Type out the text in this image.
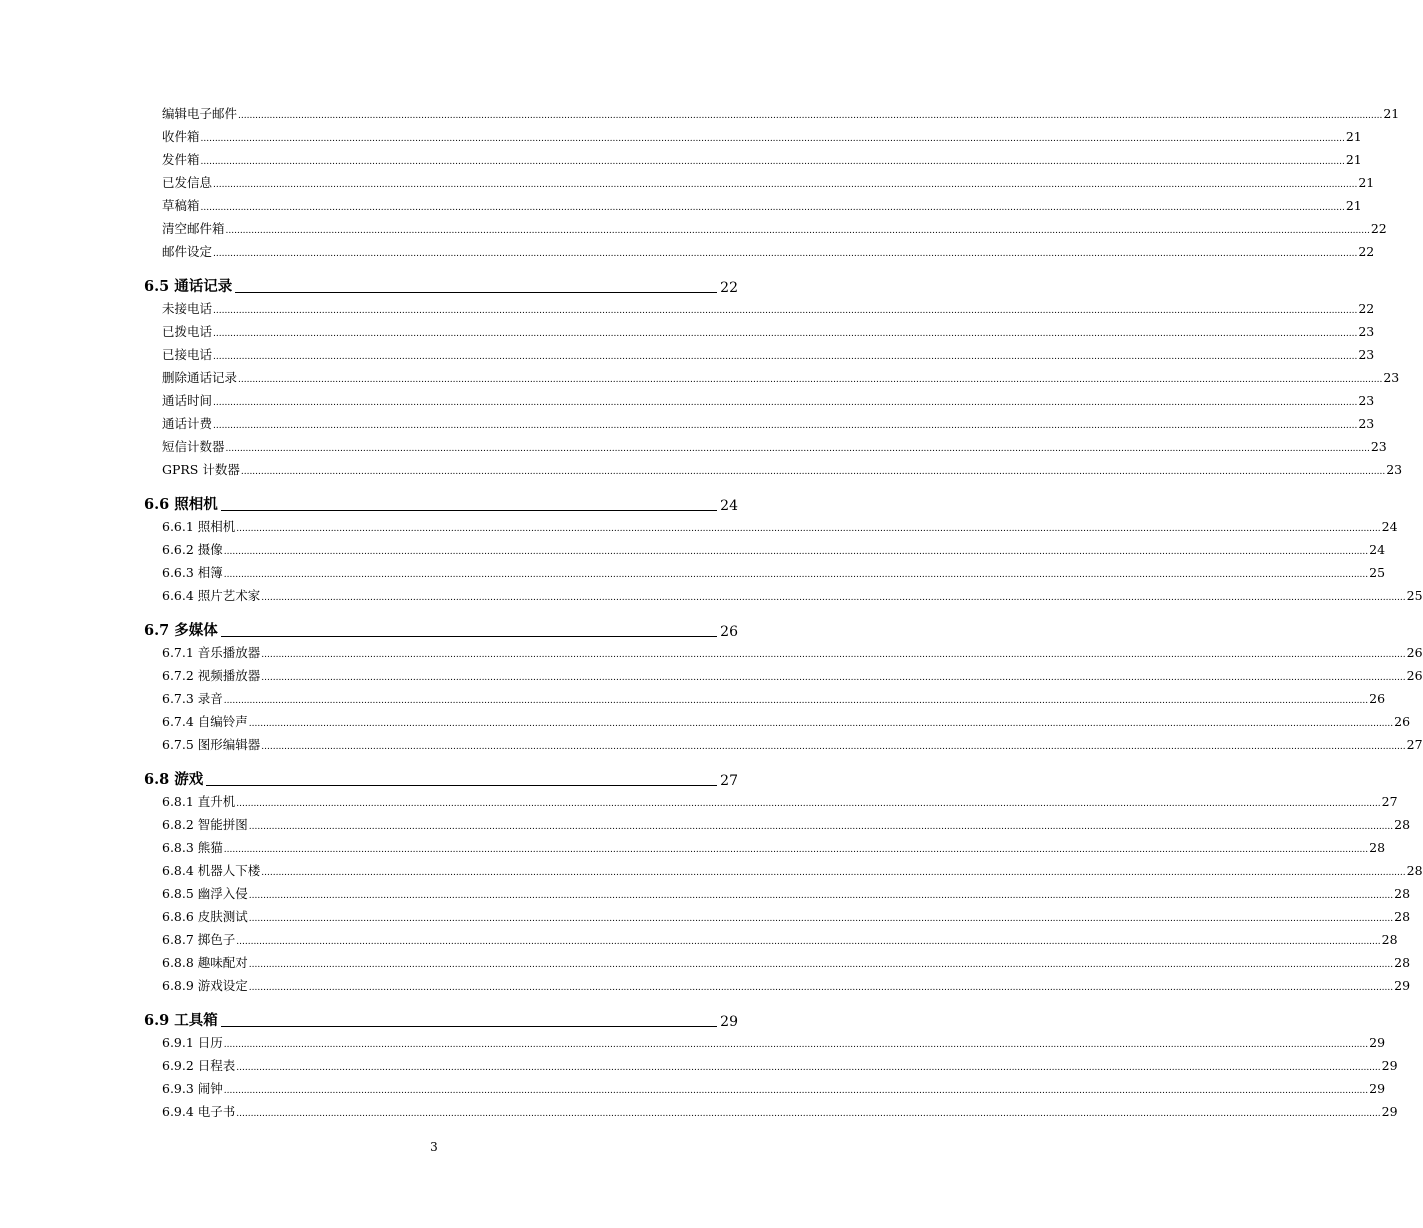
编辑电子邮件 ................................................................................................................................................................................................................................................................................................................................................................................................................ 21
收件箱 ................................................................................................................................................................................................................................................................................................................................................................................................................ 21
发件箱 ................................................................................................................................................................................................................................................................................................................................................................................................................ 21
已发信息 ................................................................................................................................................................................................................................................................................................................................................................................................................ 21
草稿箱 ................................................................................................................................................................................................................................................................................................................................................................................................................ 21
清空邮件箱 ................................................................................................................................................................................................................................................................................................................................................................................................................ 22
邮件设定 ................................................................................................................................................................................................................................................................................................................................................................................................................ 22
6.5 通话记录	22
未接电话 ................................................................................................................................................................................................................................................................................................................................................................................................................ 22
已拨电话 ................................................................................................................................................................................................................................................................................................................................................................................................................ 23
已接电话 ................................................................................................................................................................................................................................................................................................................................................................................................................ 23
删除通话记录 ................................................................................................................................................................................................................................................................................................................................................................................................................ 23
通话时间 ................................................................................................................................................................................................................................................................................................................................................................................................................ 23
通话计费 ................................................................................................................................................................................................................................................................................................................................................................................................................ 23
短信计数器 ................................................................................................................................................................................................................................................................................................................................................................................................................ 23
GPRS 计数器 ................................................................................................................................................................................................................................................................................................................................................................................................................ 23
6.6 照相机	24
6.6.1 照相机 ................................................................................................................................................................................................................................................................................................................................................................................................................ 24
6.6.2 摄像 ................................................................................................................................................................................................................................................................................................................................................................................................................ 24
6.6.3 相簿 ................................................................................................................................................................................................................................................................................................................................................................................................................ 25
6.6.4 照片艺术家 ................................................................................................................................................................................................................................................................................................................................................................................................................ 25
6.7 多媒体	26
6.7.1 音乐播放器 ................................................................................................................................................................................................................................................................................................................................................................................................................ 26
6.7.2 视频播放器 ................................................................................................................................................................................................................................................................................................................................................................................................................ 26
6.7.3 录音 ................................................................................................................................................................................................................................................................................................................................................................................................................ 26
6.7.4 自编铃声 ................................................................................................................................................................................................................................................................................................................................................................................................................ 26
6.7.5 图形编辑器 ................................................................................................................................................................................................................................................................................................................................................................................................................ 27
6.8 游戏	27
6.8.1 直升机 ................................................................................................................................................................................................................................................................................................................................................................................................................ 27
6.8.2 智能拼图 ................................................................................................................................................................................................................................................................................................................................................................................................................ 28
6.8.3 熊猫 ................................................................................................................................................................................................................................................................................................................................................................................................................ 28
6.8.4 机器人下楼 ................................................................................................................................................................................................................................................................................................................................................................................................................ 28
6.8.5 幽浮入侵 ................................................................................................................................................................................................................................................................................................................................................................................................................ 28
6.8.6 皮肤测试 ................................................................................................................................................................................................................................................................................................................................................................................................................ 28
6.8.7 掷色子 ................................................................................................................................................................................................................................................................................................................................................................................................................ 28
6.8.8 趣味配对 ................................................................................................................................................................................................................................................................................................................................................................................................................ 28
6.8.9 游戏设定 ................................................................................................................................................................................................................................................................................................................................................................................................................ 29
6.9 工具箱	29
6.9.1 日历 ................................................................................................................................................................................................................................................................................................................................................................................................................ 29
6.9.2 日程表 ................................................................................................................................................................................................................................................................................................................................................................................................................ 29
6.9.3 闹钟 ................................................................................................................................................................................................................................................................................................................................................................................................................ 29
6.9.4 电子书 ................................................................................................................................................................................................................................................................................................................................................................................................................ 29
3
